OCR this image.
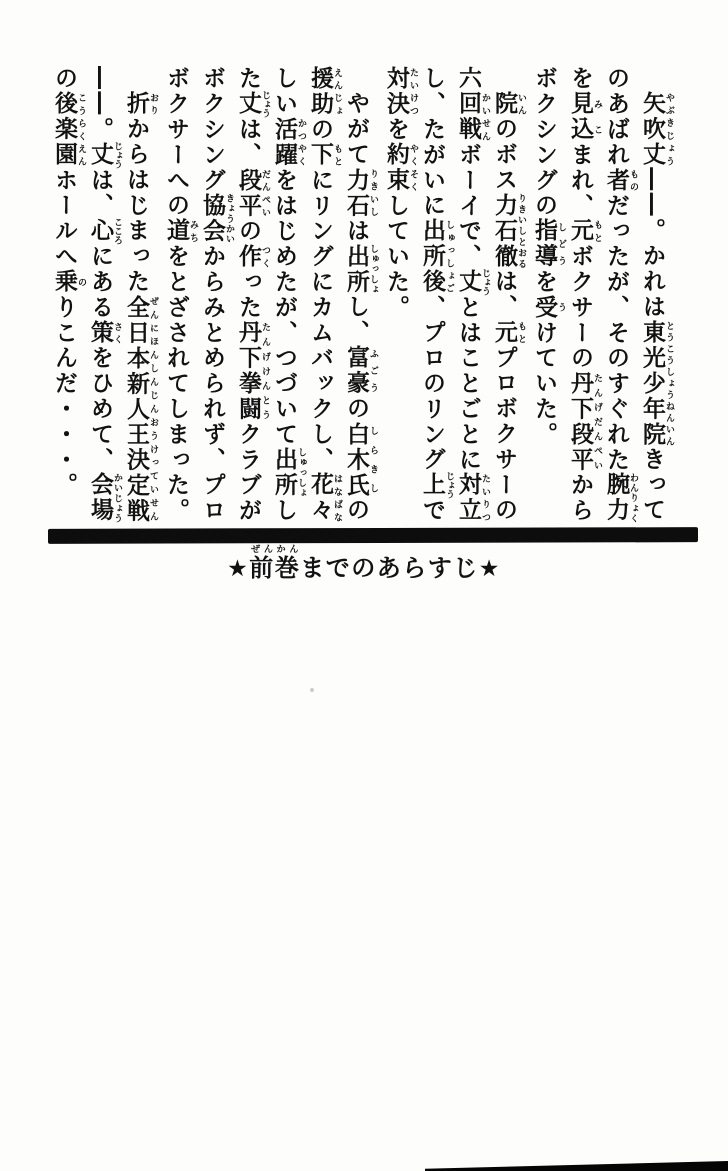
矢吹丈 やぶきじょう――。かれは東光少年院 とうこうしょうねんいんきってのあばれ者 ものだったが、そのすぐれた腕力 わんりょくを見込 みこまれ、元 もとボクサーの丹下段平 たんげだんぺいからボクシングの指導 しどうを受 うけていた。

院 いんのボス力石徹 りきいしとおるは、元 もとプロボクサーの六回戦 かいせんボーイで、丈 じょうとはことごとに対立 たいりつし、たがいに出所後 しゅっしょご、プロのリング上 じょうで対決 たいけつを約束 やくそくしていた。

やがて力石 りきいしは出所 しゅっしょし、富豪 ふごうの白木氏 しらきしの援助 えんじょの下 もとにリングにカムバックし、花々 はなばなしい活躍 かつやくをはじめたが、つづいて出所 しゅっしょした丈 じょうは、段平 だんぺいの作 つくった丹下拳闘 たんげけんとうクラブがボクシング協会 きょうかいからみとめられず、プロボクサーへの道 みちをとざされてしまった。

折 おりからはじまった全日本新人王決定戦 ぜんにほんしんじんおうけっていせん――。丈 じょうは、心 こころにある策 さくをひめて、会場 かいじょうの後楽園 こうらくえんホールへ乗 のりこんだ・・・。

★前巻ぜんかんまでのあらすじ★
